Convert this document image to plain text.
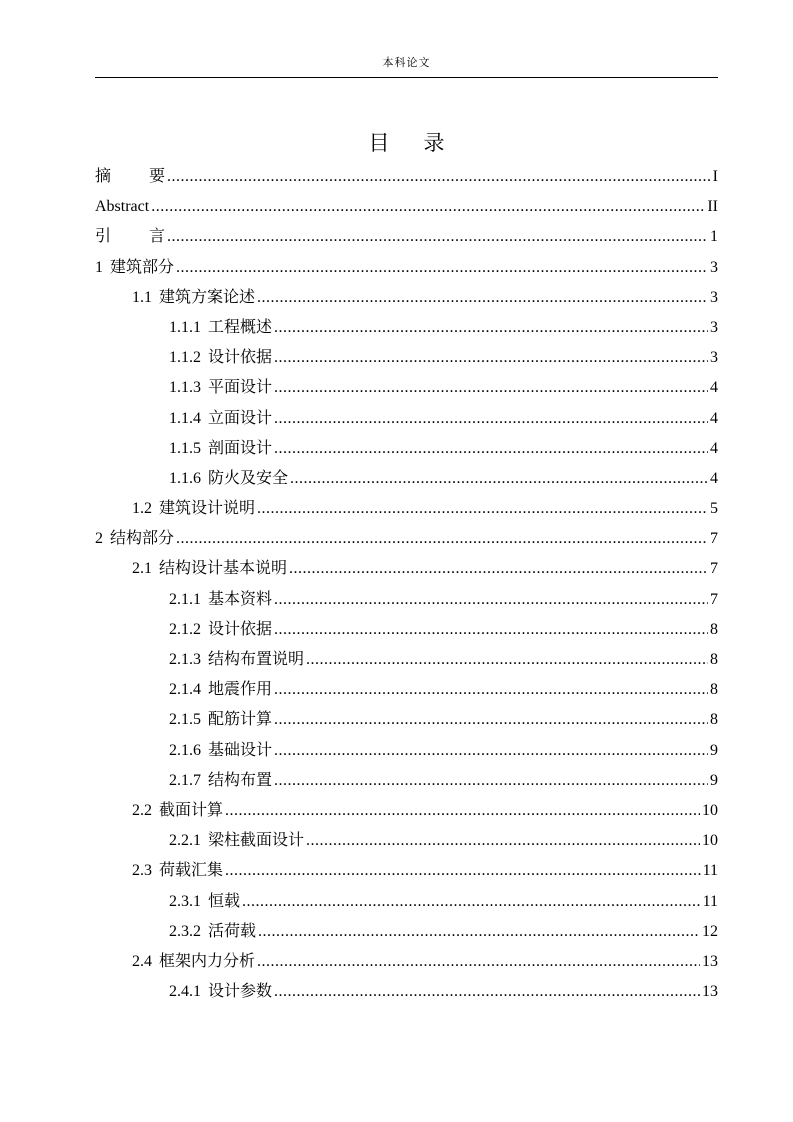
本科论文
目 录
摘 要 .....	I
Abstract .....	II
引 言 .....	1
1 建筑部分 .....	3
1.1 建筑方案论述 .....	3
1.1.1 工程概述 .....	3
1.1.2 设计依据 .....	3
1.1.3 平面设计 .....	4
1.1.4 立面设计 .....	4
1.1.5 剖面设计 .....	4
1.1.6 防火及安全 .....	4
1.2 建筑设计说明 .....	5
2 结构部分 .....	7
2.1 结构设计基本说明 .....	7
2.1.1 基本资料 .....	7
2.1.2 设计依据 .....	8
2.1.3 结构布置说明 .....	8
2.1.4 地震作用 .....	8
2.1.5 配筋计算 .....	8
2.1.6 基础设计 .....	9
2.1.7 结构布置 .....	9
2.2 截面计算 .....	10
2.2.1 梁柱截面设计 .....	10
2.3 荷载汇集 .....	11
2.3.1 恒载 .....	11
2.3.2 活荷载 .....	12
2.4 框架内力分析 .....	13
2.4.1 设计参数 .....	13
